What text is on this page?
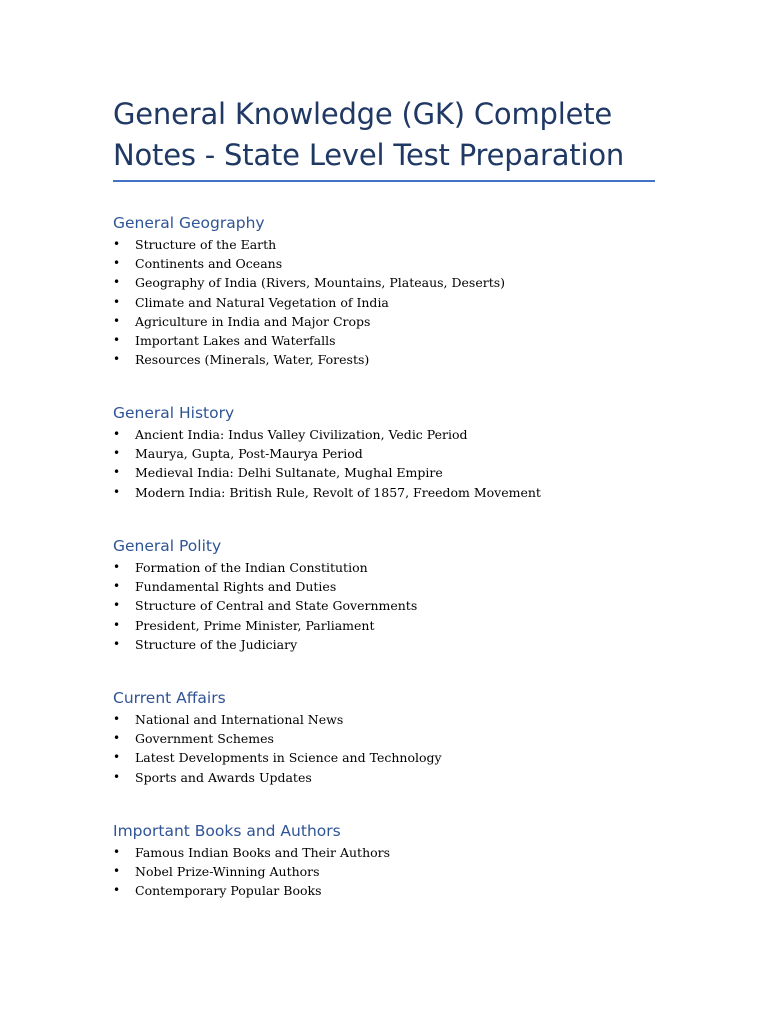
General Knowledge (GK) Complete Notes - State Level Test Preparation
General Geography
• Structure of the Earth
• Continents and Oceans
• Geography of India (Rivers, Mountains, Plateaus, Deserts)
• Climate and Natural Vegetation of India
• Agriculture in India and Major Crops
• Important Lakes and Waterfalls
• Resources (Minerals, Water, Forests)
General History
• Ancient India: Indus Valley Civilization, Vedic Period
• Maurya, Gupta, Post-Maurya Period
• Medieval India: Delhi Sultanate, Mughal Empire
• Modern India: British Rule, Revolt of 1857, Freedom Movement
General Polity
• Formation of the Indian Constitution
• Fundamental Rights and Duties
• Structure of Central and State Governments
• President, Prime Minister, Parliament
• Structure of the Judiciary
Current Affairs
• National and International News
• Government Schemes
• Latest Developments in Science and Technology
• Sports and Awards Updates
Important Books and Authors
• Famous Indian Books and Their Authors
• Nobel Prize-Winning Authors
• Contemporary Popular Books
